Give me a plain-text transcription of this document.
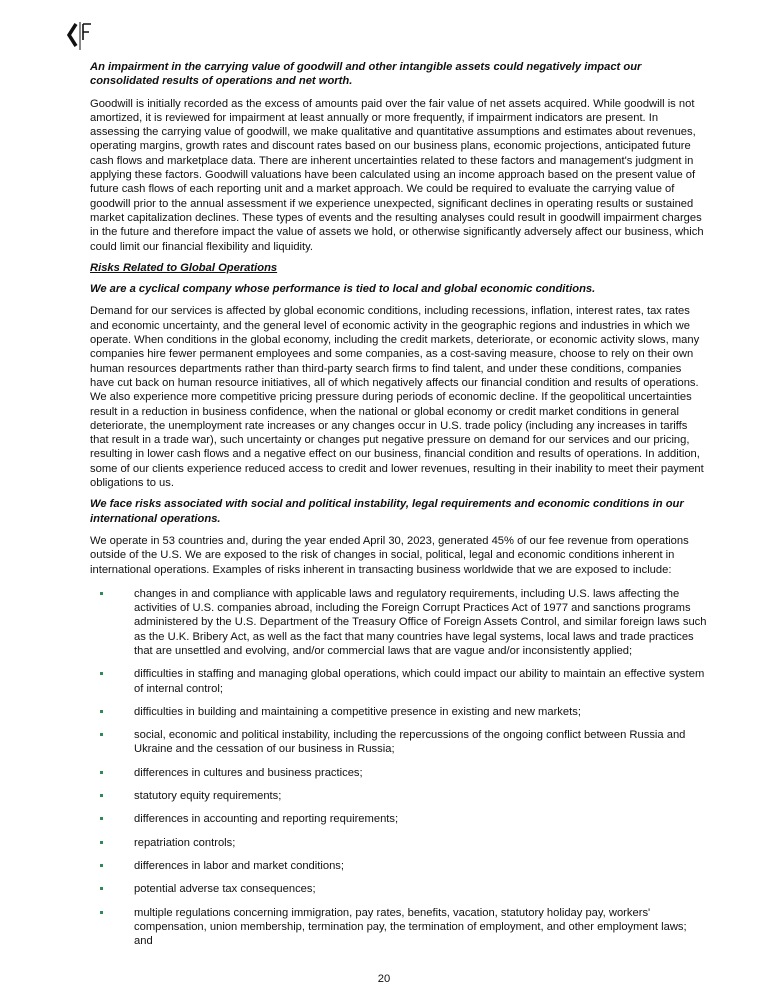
An impairment in the carrying value of goodwill and other intangible assets could negatively impact our consolidated results of operations and net worth.

Goodwill is initially recorded as the excess of amounts paid over the fair value of net assets acquired. While goodwill is not amortized, it is reviewed for impairment at least annually or more frequently, if impairment indicators are present. In assessing the carrying value of goodwill, we make qualitative and quantitative assumptions and estimates about revenues, operating margins, growth rates and discount rates based on our business plans, economic projections, anticipated future cash flows and marketplace data. There are inherent uncertainties related to these factors and management's judgment in applying these factors. Goodwill valuations have been calculated using an income approach based on the present value of future cash flows of each reporting unit and a market approach. We could be required to evaluate the carrying value of goodwill prior to the annual assessment if we experience unexpected, significant declines in operating results or sustained market capitalization declines. These types of events and the resulting analyses could result in goodwill impairment charges in the future and therefore impact the value of assets we hold, or otherwise significantly adversely affect our business, which could limit our financial flexibility and liquidity.

Risks Related to Global Operations

We are a cyclical company whose performance is tied to local and global economic conditions.

Demand for our services is affected by global economic conditions, including recessions, inflation, interest rates, tax rates and economic uncertainty, and the general level of economic activity in the geographic regions and industries in which we operate. When conditions in the global economy, including the credit markets, deteriorate, or economic activity slows, many companies hire fewer permanent employees and some companies, as a cost-saving measure, choose to rely on their own human resources departments rather than third-party search firms to find talent, and under these conditions, companies have cut back on human resource initiatives, all of which negatively affects our financial condition and results of operations. We also experience more competitive pricing pressure during periods of economic decline. If the geopolitical uncertainties result in a reduction in business confidence, when the national or global economy or credit market conditions in general deteriorate, the unemployment rate increases or any changes occur in U.S. trade policy (including any increases in tariffs that result in a trade war), such uncertainty or changes put negative pressure on demand for our services and our pricing, resulting in lower cash flows and a negative effect on our business, financial condition and results of operations. In addition, some of our clients experience reduced access to credit and lower revenues, resulting in their inability to meet their payment obligations to us.

We face risks associated with social and political instability, legal requirements and economic conditions in our international operations.

We operate in 53 countries and, during the year ended April 30, 2023, generated 45% of our fee revenue from operations outside of the U.S. We are exposed to the risk of changes in social, political, legal and economic conditions inherent in international operations. Examples of risks inherent in transacting business worldwide that we are exposed to include:

changes in and compliance with applicable laws and regulatory requirements, including U.S. laws affecting the activities of U.S. companies abroad, including the Foreign Corrupt Practices Act of 1977 and sanctions programs administered by the U.S. Department of the Treasury Office of Foreign Assets Control, and similar foreign laws such as the U.K. Bribery Act, as well as the fact that many countries have legal systems, local laws and trade practices that are unsettled and evolving, and/or commercial laws that are vague and/or inconsistently applied;
difficulties in staffing and managing global operations, which could impact our ability to maintain an effective system of internal control;
difficulties in building and maintaining a competitive presence in existing and new markets;
social, economic and political instability, including the repercussions of the ongoing conflict between Russia and Ukraine and the cessation of our business in Russia;
differences in cultures and business practices;
statutory equity requirements;
differences in accounting and reporting requirements;
repatriation controls;
differences in labor and market conditions;
potential adverse tax consequences;
multiple regulations concerning immigration, pay rates, benefits, vacation, statutory holiday pay, workers' compensation, union membership, termination pay, the termination of employment, and other employment laws; and
20
